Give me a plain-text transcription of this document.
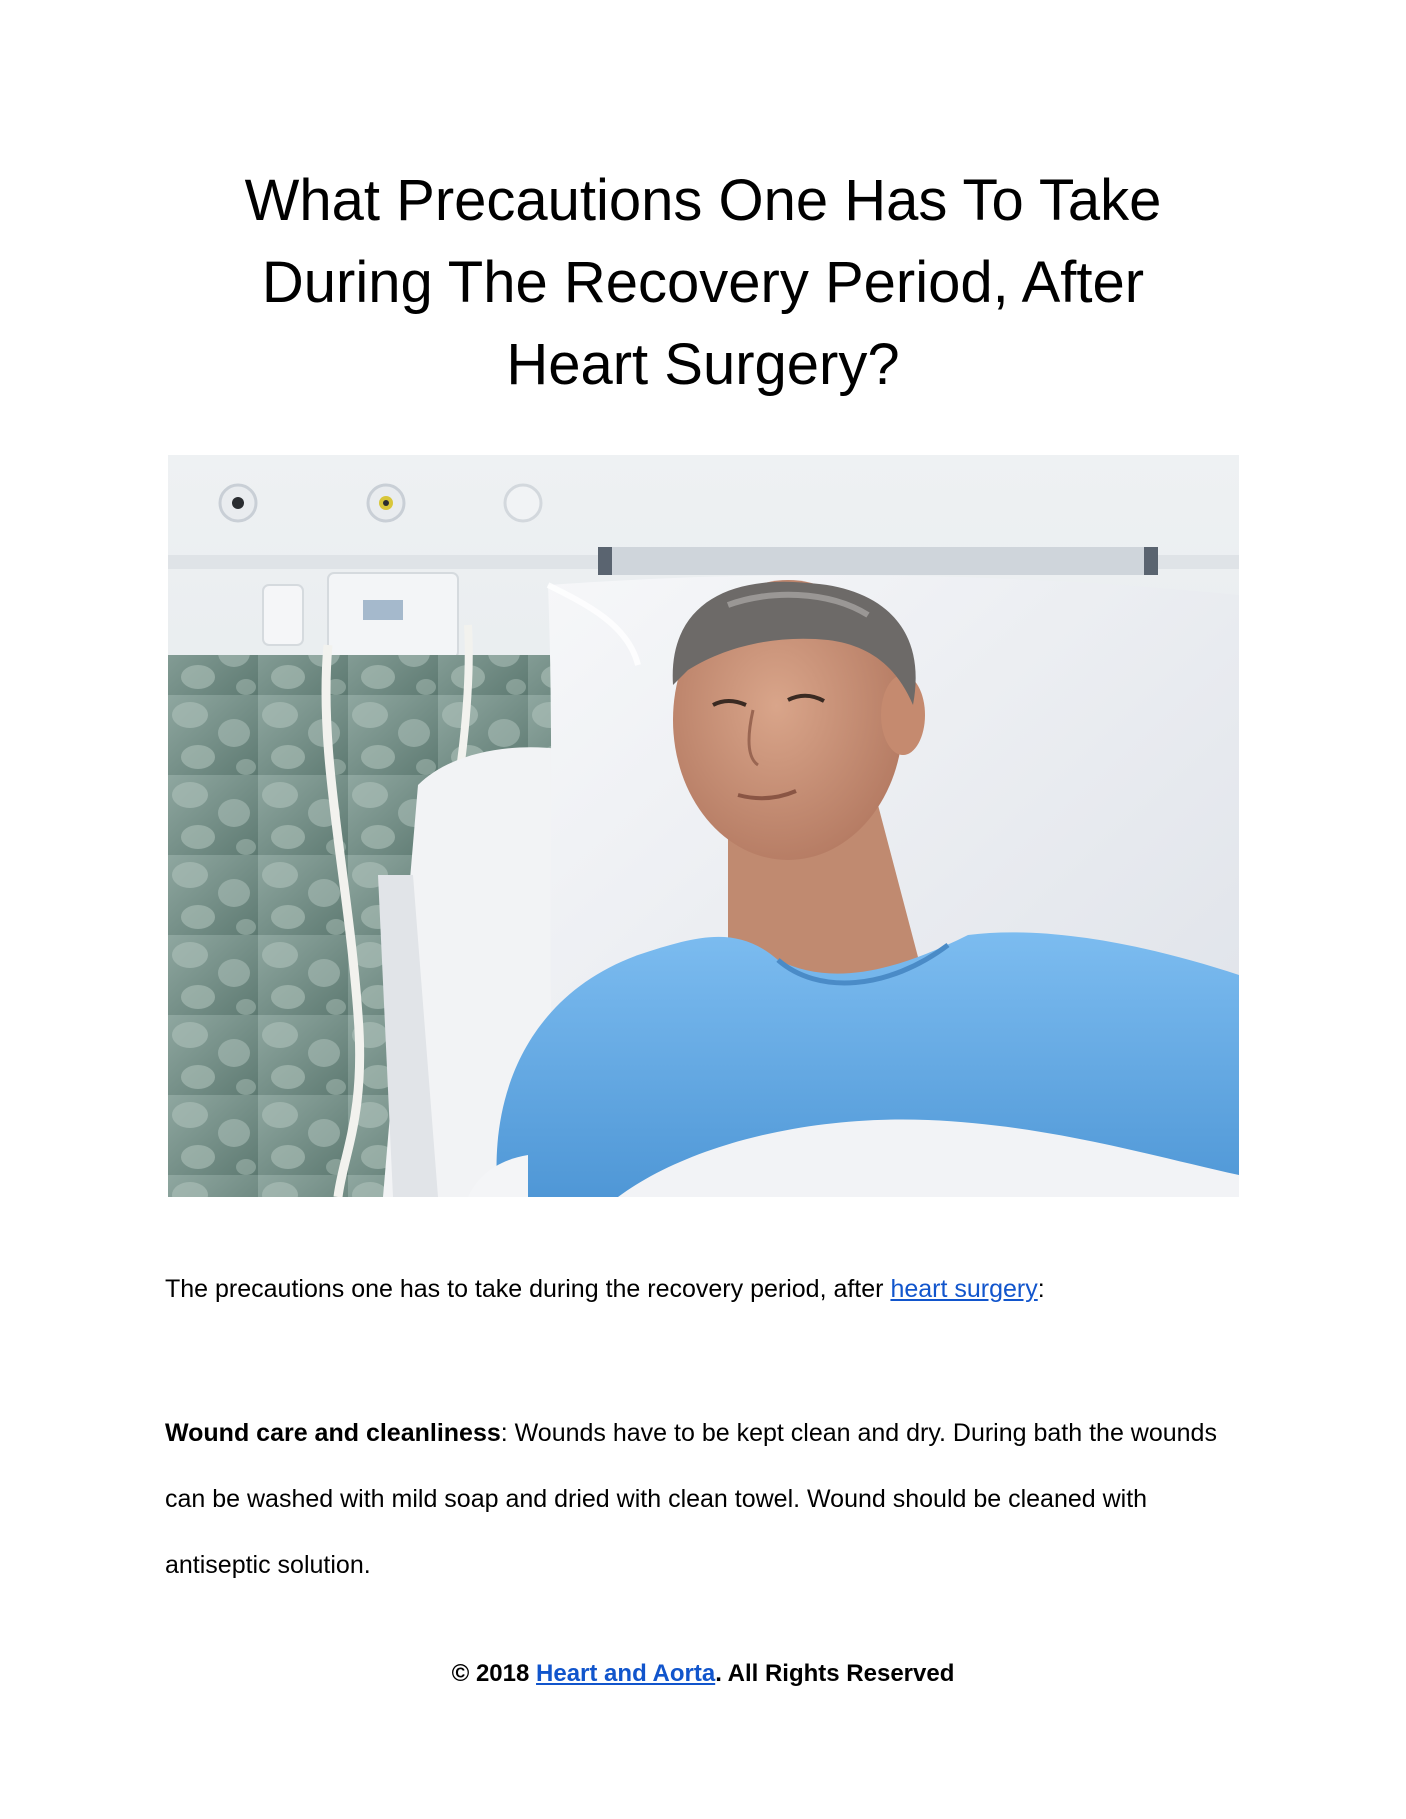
What Precautions One Has To Take
During The Recovery Period, After
Heart Surgery?

The precautions one has to take during the recovery period, after heart surgery:

Wound care and cleanliness: Wounds have to be kept clean and dry. During bath the wounds can be washed with mild soap and dried with clean towel. Wound should be cleaned with antiseptic solution.

© 2018 Heart and Aorta. All Rights Reserved
